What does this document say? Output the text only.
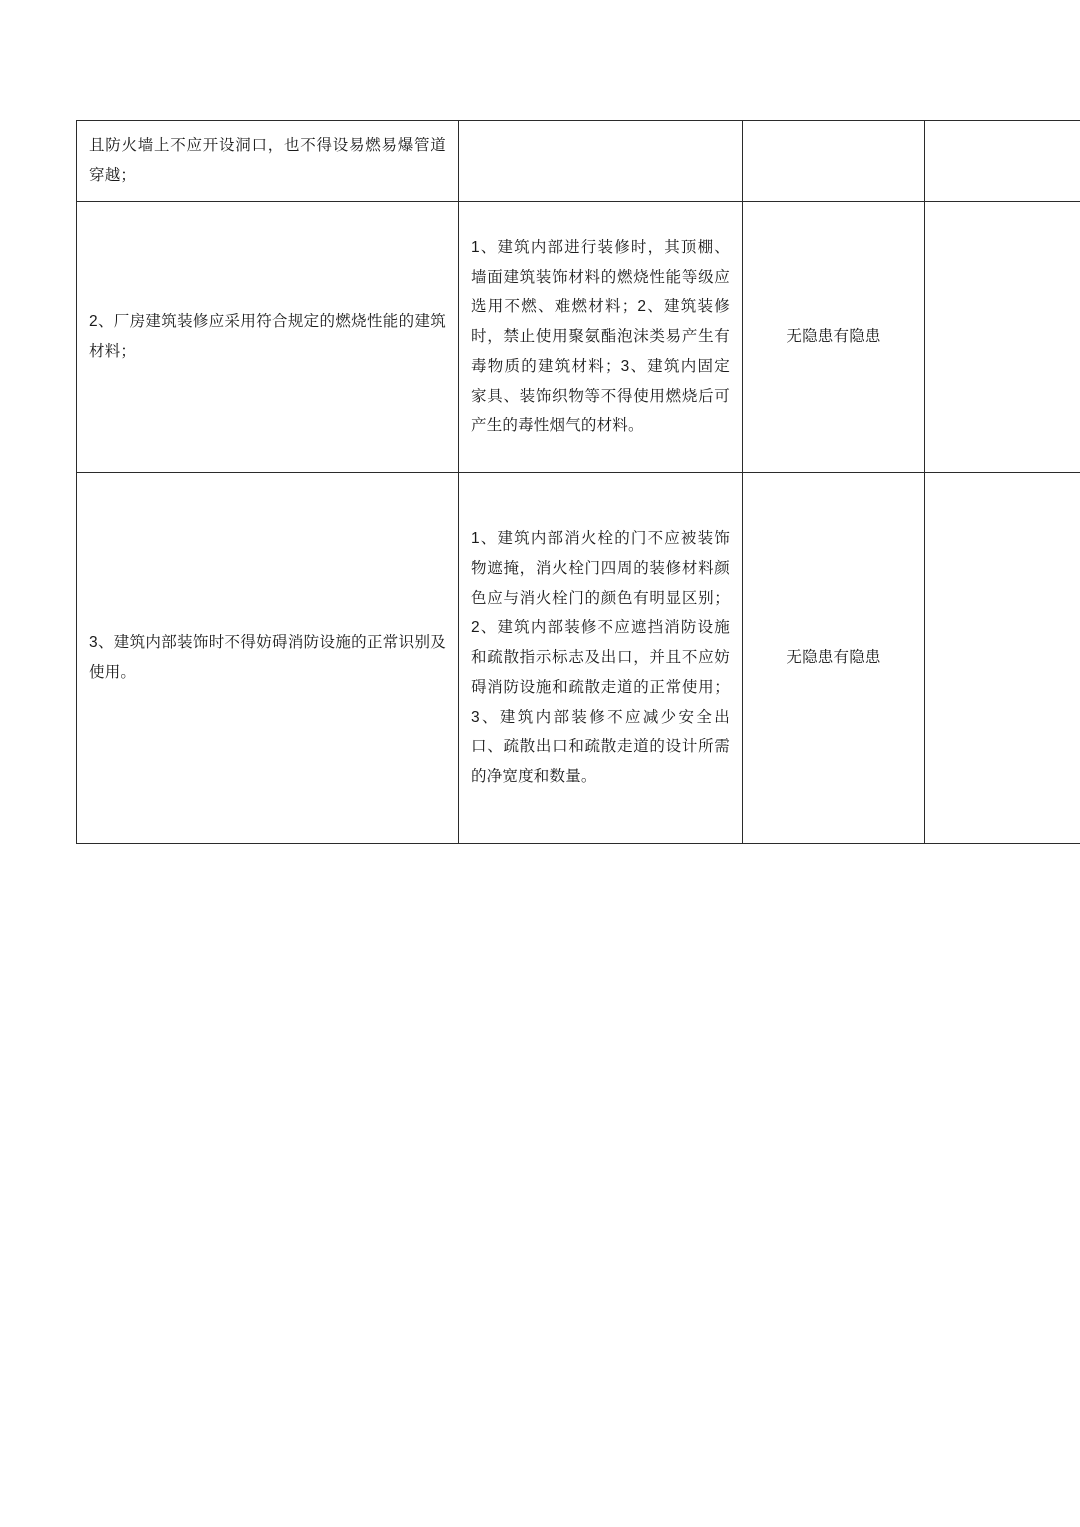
且防火墙上不应开设洞口，也不得设易燃易爆管道穿越；			

2、厂房建筑装修应采用符合规定的燃烧性能的建筑材料；	1、建筑内部进行装修时，其顶棚、墙面建筑装饰材料的燃烧性能等级应选用不燃、难燃材料；2、建筑装修时，禁止使用聚氨酯泡沫类易产生有毒物质的建筑材料；3、建筑内固定家具、装饰织物等不得使用燃烧后可产生的毒性烟气的材料。	无隐患有隐患	

3、建筑内部装饰时不得妨碍消防设施的正常识别及使用。	1、建筑内部消火栓的门不应被装饰物遮掩，消火栓门四周的装修材料颜色应与消火栓门的颜色有明显区别；2、建筑内部装修不应遮挡消防设施和疏散指示标志及出口，并且不应妨碍消防设施和疏散走道的正常使用；3、建筑内部装修不应减少安全出口、疏散出口和疏散走道的设计所需的净宽度和数量。	无隐患有隐患	
